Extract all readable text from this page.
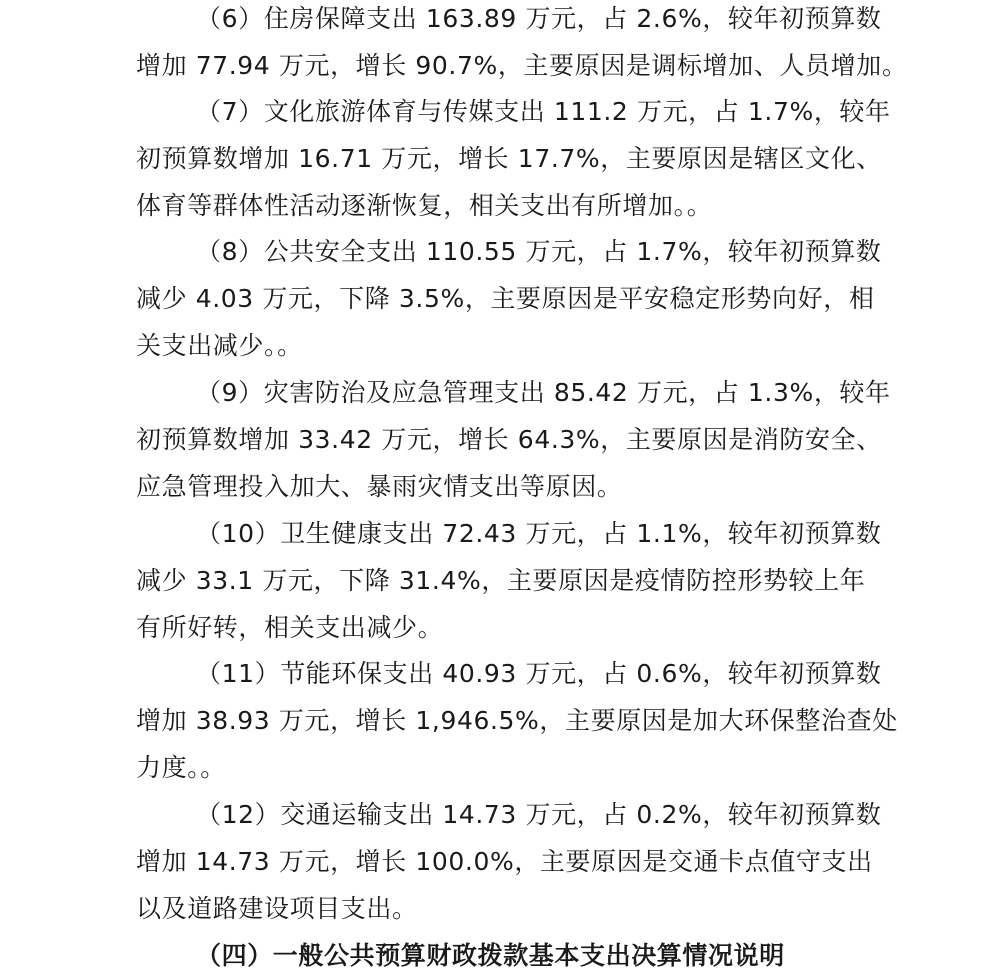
（6）住房保障支出 163.89 万元，占 2.6%，较年初预算数
增加 77.94 万元，增长 90.7%，主要原因是调标增加、人员增加。
（7）文化旅游体育与传媒支出 111.2 万元，占 1.7%，较年
初预算数增加 16.71 万元，增长 17.7%，主要原因是辖区文化、
体育等群体性活动逐渐恢复，相关支出有所增加。。
（8）公共安全支出 110.55 万元，占 1.7%，较年初预算数
减少 4.03 万元，下降 3.5%，主要原因是平安稳定形势向好，相
关支出减少。。
（9）灾害防治及应急管理支出 85.42 万元，占 1.3%，较年
初预算数增加 33.42 万元，增长 64.3%，主要原因是消防安全、
应急管理投入加大、暴雨灾情支出等原因。
（10）卫生健康支出 72.43 万元，占 1.1%，较年初预算数
减少 33.1 万元，下降 31.4%，主要原因是疫情防控形势较上年
有所好转，相关支出减少。
（11）节能环保支出 40.93 万元，占 0.6%，较年初预算数
增加 38.93 万元，增长 1,946.5%，主要原因是加大环保整治查处
力度。。
（12）交通运输支出 14.73 万元，占 0.2%，较年初预算数
增加 14.73 万元，增长 100.0%，主要原因是交通卡点值守支出
以及道路建设项目支出。
（四）一般公共预算财政拨款基本支出决算情况说明
